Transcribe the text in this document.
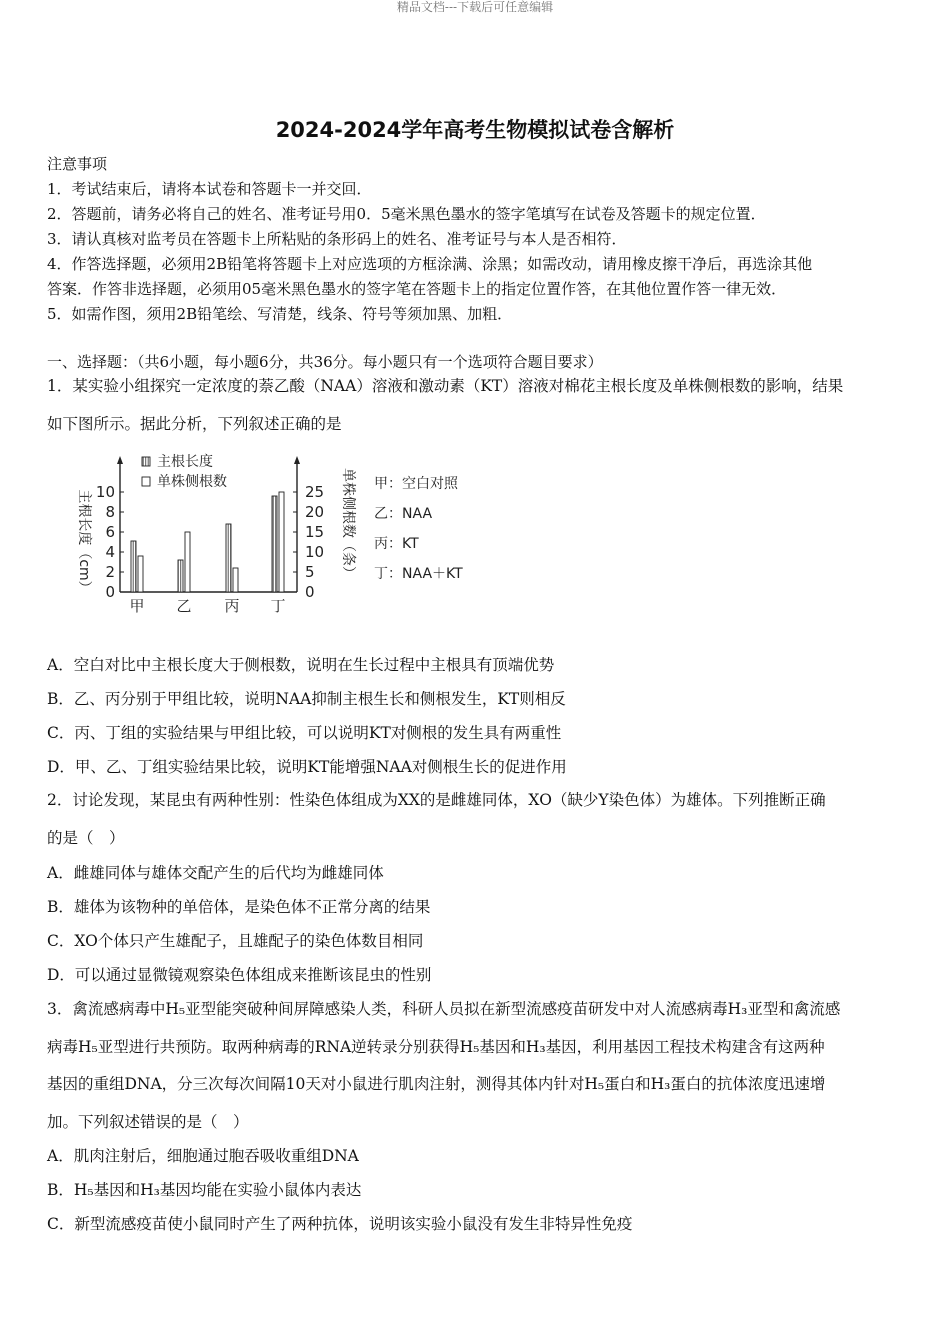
精品文档---下载后可任意编辑
2024-2024学年高考生物模拟试卷含解析
注意事项
1．考试结束后，请将本试卷和答题卡一并交回．
2．答题前，请务必将自己的姓名、准考证号用0．5毫米黑色墨水的签字笔填写在试卷及答题卡的规定位置．
3．请认真核对监考员在答题卡上所粘贴的条形码上的姓名、准考证号与本人是否相符．
4．作答选择题，必须用2B铅笔将答题卡上对应选项的方框涂满、涂黑；如需改动，请用橡皮擦干净后，再选涂其他
答案．作答非选择题，必须用05毫米黑色墨水的签字笔在答题卡上的指定位置作答，在其他位置作答一律无效．
5．如需作图，须用2B铅笔绘、写清楚，线条、符号等须加黑、加粗．
一、选择题：（共6小题，每小题6分，共36分。每小题只有一个选项符合题目要求）
1．某实验小组探究一定浓度的萘乙酸（NAA）溶液和激动素（KT）溶液对棉花主根长度及单株侧根数的影响，结果
如下图所示。据此分析，下列叙述正确的是
0
2
4
6
8
10
0
5
10
15
20
25
主根长度（cm）	单株侧根数（条）
甲 乙 丙 丁
主根长度
单株侧根数	甲：空白对照
乙：NAA
丙：KT
丁：NAA＋KT
A．空白对比中主根长度大于侧根数，说明在生长过程中主根具有顶端优势
B．乙、丙分别于甲组比较，说明NAA抑制主根生长和侧根发生，KT则相反
C．丙、丁组的实验结果与甲组比较，可以说明KT对侧根的发生具有两重性
D．甲、乙、丁组实验结果比较，说明KT能增强NAA对侧根生长的促进作用
2．讨论发现，某昆虫有两种性别：性染色体组成为XX的是雌雄同体，XO（缺少Y染色体）为雄体。下列推断正确
的是（　）
A．雌雄同体与雄体交配产生的后代均为雌雄同体
B．雄体为该物种的单倍体，是染色体不正常分离的结果
C．XO个体只产生雄配子，且雄配子的染色体数目相同
D．可以通过显微镜观察染色体组成来推断该昆虫的性别
3．禽流感病毒中H₅亚型能突破种间屏障感染人类，科研人员拟在新型流感疫苗研发中对人流感病毒H₃亚型和禽流感
病毒H₅亚型进行共预防。取两种病毒的RNA逆转录分别获得H₅基因和H₃基因，利用基因工程技术构建含有这两种
基因的重组DNA，分三次每次间隔10天对小鼠进行肌肉注射，测得其体内针对H₅蛋白和H₃蛋白的抗体浓度迅速增
加。下列叙述错误的是（　）
A．肌肉注射后，细胞通过胞吞吸收重组DNA
B．H₅基因和H₃基因均能在实验小鼠体内表达
C．新型流感疫苗使小鼠同时产生了两种抗体，说明该实验小鼠没有发生非特异性免疫
